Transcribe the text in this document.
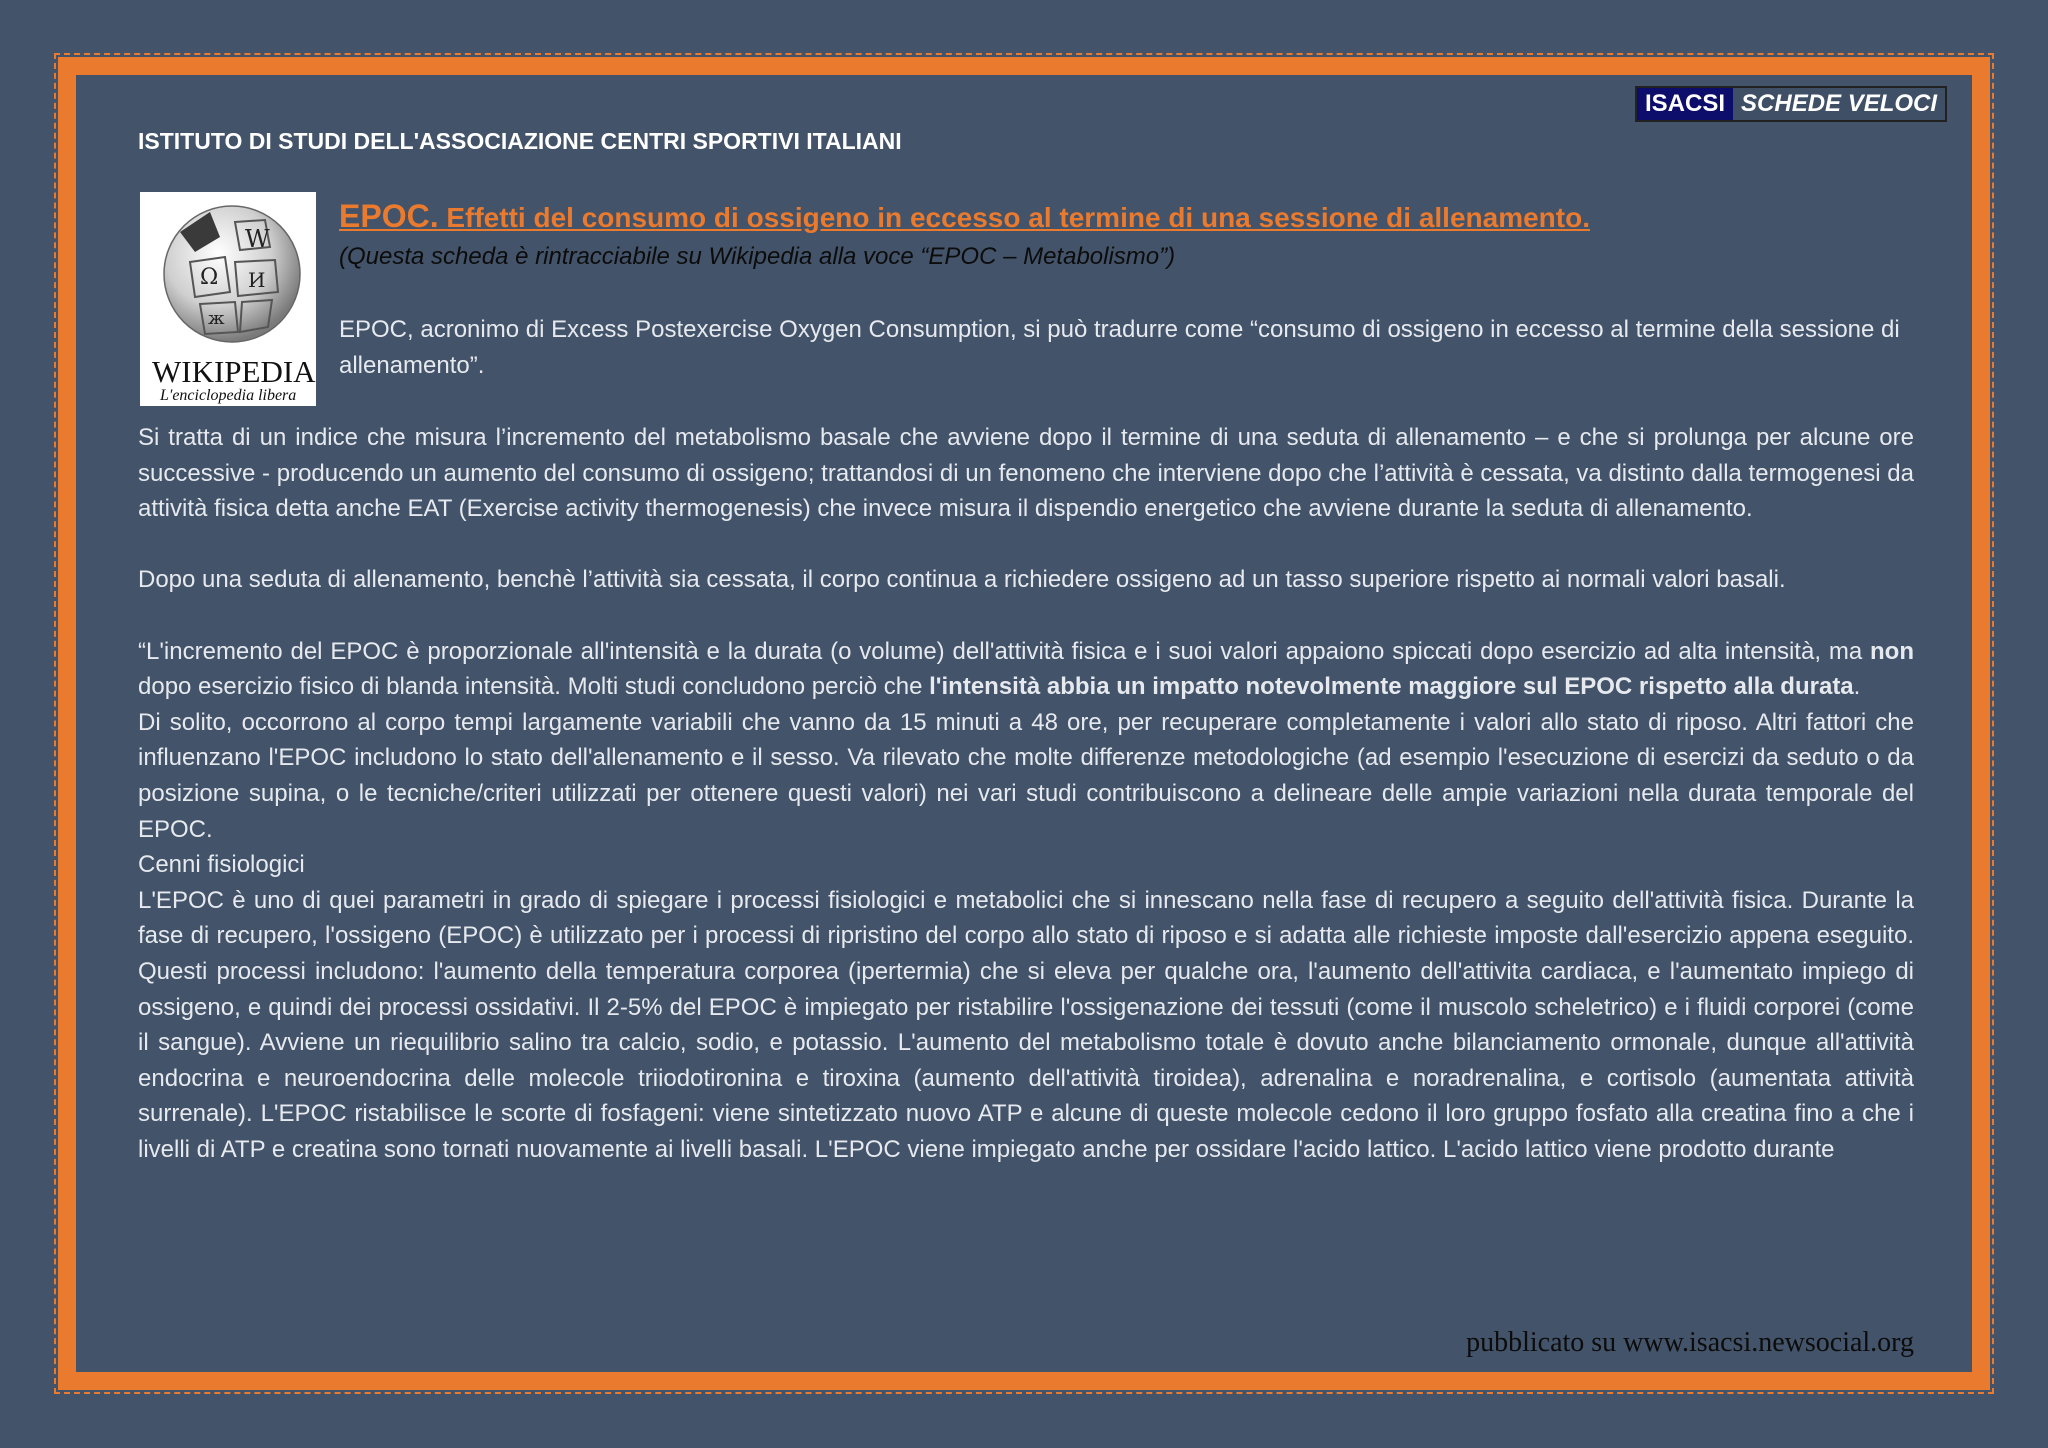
ISACSI SCHEDE VELOCI
ISTITUTO DI STUDI DELL'ASSOCIAZIONE CENTRI SPORTIVI ITALIANI
Ω
W
И
ж
WIKIPEDIA
L'enciclopedia libera
EPOC. Effetti del consumo di ossigeno in eccesso al termine di una sessione di allenamento.
(Questa scheda è rintracciabile su Wikipedia alla voce “EPOC – Metabolismo”)
EPOC, acronimo di Excess Postexercise Oxygen Consumption, si può tradurre come “consumo di ossigeno in eccesso al termine della sessione di allenamento”.

Si tratta di un indice che misura l’incremento del metabolismo basale che avviene dopo il termine di una seduta di allenamento – e che si prolunga per alcune ore successive - producendo un aumento del consumo di ossigeno; trattandosi di un fenomeno che interviene dopo che l’attività è cessata, va distinto dalla termogenesi da attività fisica detta anche EAT (Exercise activity thermogenesis) che invece misura il dispendio energetico che avviene durante la seduta di allenamento.

Dopo una seduta di allenamento, benchè l’attività sia cessata, il corpo continua a richiedere ossigeno ad un tasso superiore rispetto ai normali valori basali.

“L'incremento del EPOC è proporzionale all'intensità e la durata (o volume) dell'attività fisica e i suoi valori appaiono spiccati dopo esercizio ad alta intensità, ma non dopo esercizio fisico di blanda intensità. Molti studi concludono perciò che l'intensità abbia un impatto notevolmente maggiore sul EPOC rispetto alla durata.

Di solito, occorrono al corpo tempi largamente variabili che vanno da 15 minuti a 48 ore, per recuperare completamente i valori allo stato di riposo. Altri fattori che influenzano l'EPOC includono lo stato dell'allenamento e il sesso. Va rilevato che molte differenze metodologiche (ad esempio l'esecuzione di esercizi da seduto o da posizione supina, o le tecniche/criteri utilizzati per ottenere questi valori) nei vari studi contribuiscono a delineare delle ampie variazioni nella durata temporale del EPOC.

Cenni fisiologici

L'EPOC è uno di quei parametri in grado di spiegare i processi fisiologici e metabolici che si innescano nella fase di recupero a seguito dell'attività fisica. Durante la fase di recupero, l'ossigeno (EPOC) è utilizzato per i processi di ripristino del corpo allo stato di riposo e si adatta alle richieste imposte dall'esercizio appena eseguito. Questi processi includono: l'aumento della temperatura corporea (ipertermia) che si eleva per qualche ora, l'aumento dell'attivita cardiaca, e l'aumentato impiego di ossigeno, e quindi dei processi ossidativi. Il 2-5% del EPOC è impiegato per ristabilire l'ossigenazione dei tessuti (come il muscolo scheletrico) e i fluidi corporei (come il sangue). Avviene un riequilibrio salino tra calcio, sodio, e potassio. L'aumento del metabolismo totale è dovuto anche bilanciamento ormonale, dunque all'attività endocrina e neuroendocrina delle molecole triiodotironina e tiroxina (aumento dell'attività tiroidea), adrenalina e noradrenalina, e cortisolo (aumentata attività surrenale). L'EPOC ristabilisce le scorte di fosfageni: viene sintetizzato nuovo ATP e alcune di queste molecole cedono il loro gruppo fosfato alla creatina fino a che i livelli di ATP e creatina sono tornati nuovamente ai livelli basali. L'EPOC viene impiegato anche per ossidare l'acido lattico. L'acido lattico viene prodotto durante

pubblicato su www.isacsi.newsocial.org
